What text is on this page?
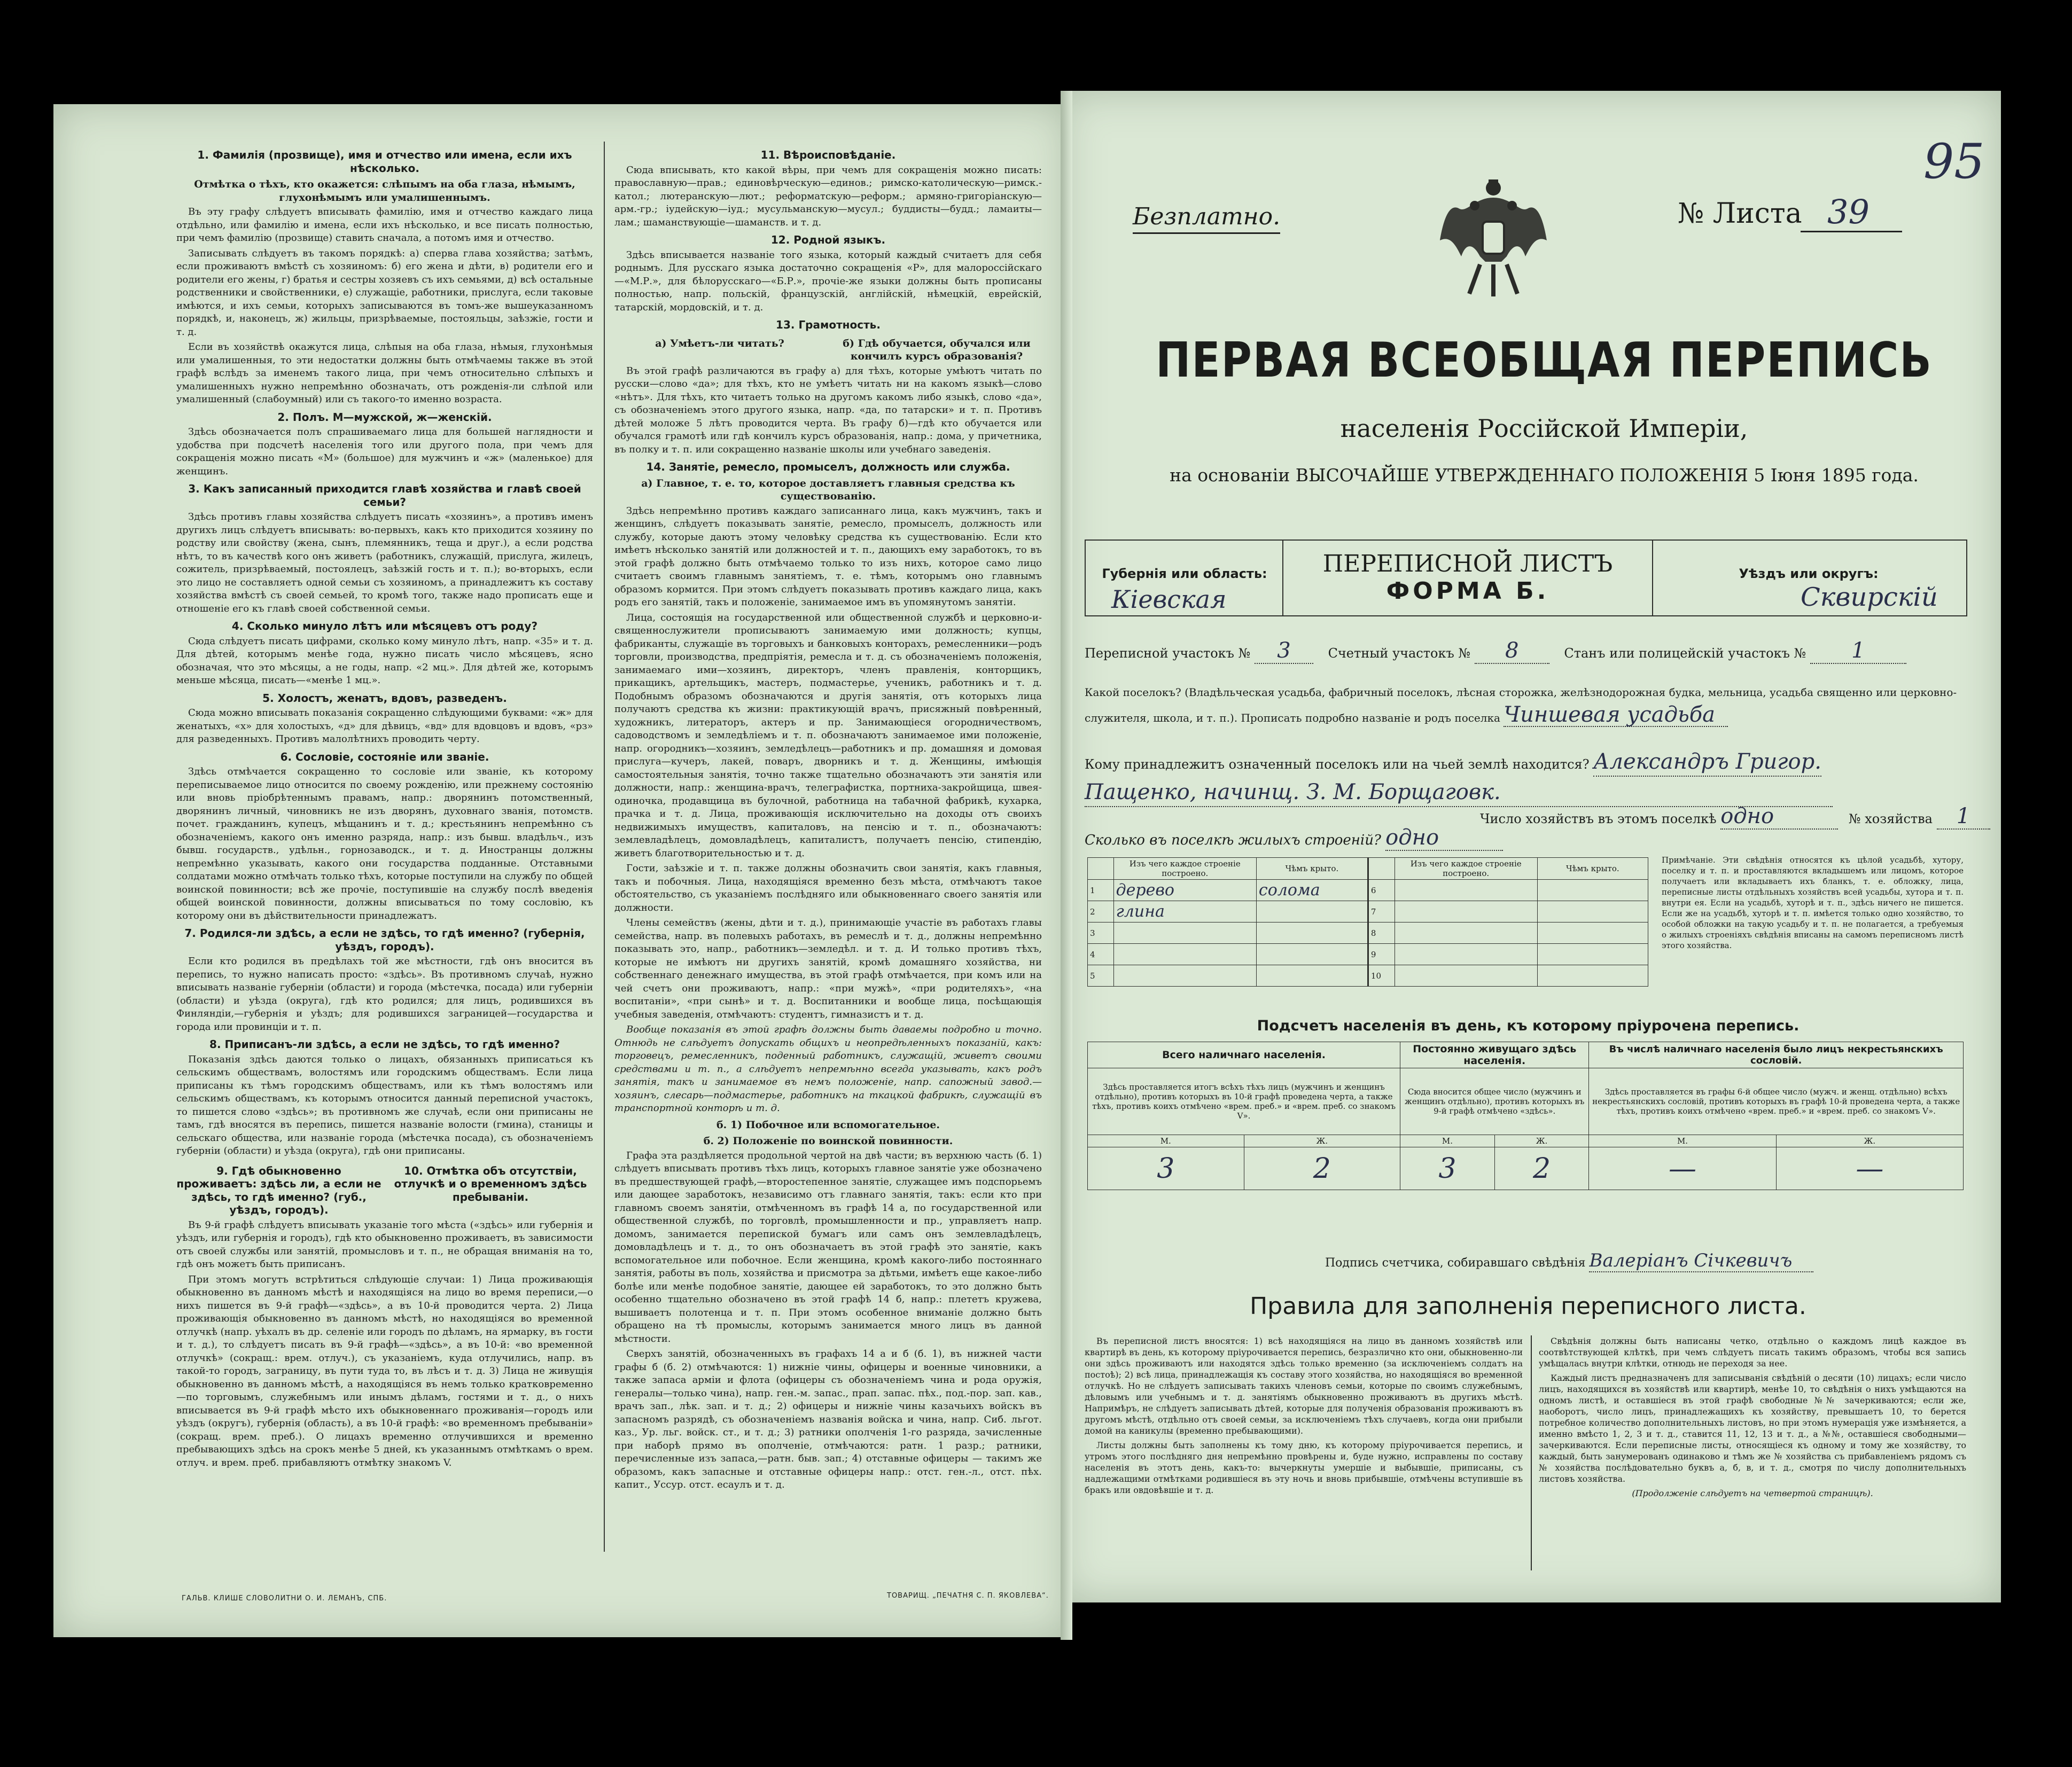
1. Фамилія (прозвище), имя и отчество или имена, если ихъ нѣсколько.
Отмѣтка о тѣхъ, кто окажется: слѣпымъ на оба глаза, нѣмымъ, глухонѣмымъ или умалишеннымъ.

Въ эту графу слѣдуетъ вписывать фамилію, имя и отчество каждаго лица отдѣльно, или фамилію и имена, если ихъ нѣсколько, и все писать полностью, при чемъ фамилію (прозвище) ставить сначала, а потомъ имя и отчество.

Записывать слѣдуетъ въ такомъ порядкѣ: а) сперва глава хозяйства; затѣмъ, если проживаютъ вмѣстѣ съ хозяиномъ: б) его жена и дѣти, в) родители его и родители его жены, г) братья и сестры хозяевъ съ ихъ семьями, д) всѣ остальные родственники и свойственники, е) служащіе, работники, прислуга, если таковые имѣются, и ихъ семьи, которыхъ записываются въ томъ-же вышеуказанномъ порядкѣ, и, наконецъ, ж) жильцы, призрѣваемые, постояльцы, заѣзжіе, гости и т. д.

Если въ хозяйствѣ окажутся лица, слѣпыя на оба глаза, нѣмыя, глухонѣмыя или умалишенныя, то эти недостатки должны быть отмѣчаемы также въ этой графѣ вслѣдъ за именемъ такого лица, при чемъ относительно слѣпыхъ и умалишенныхъ нужно непремѣнно обозначать, отъ рожденія-ли слѣпой или умалишенный (слабоумный) или съ такого-то именно возраста.

2. Полъ. М—мужской, ж—женскій.

Здѣсь обозначается полъ спрашиваемаго лица для большей наглядности и удобства при подсчетѣ населенія того или другого пола, при чемъ для сокращенія можно писать «М» (большое) для мужчинъ и «ж» (маленькое) для женщинъ.

3. Какъ записанный приходится главѣ хозяйства и главѣ своей семьи?

Здѣсь противъ главы хозяйства слѣдуетъ писать «хозяинъ», а противъ именъ другихъ лицъ слѣдуетъ вписывать: во-первыхъ, какъ кто приходится хозяину по родству или свойству (жена, сынъ, племянникъ, теща и друг.), а если родства нѣтъ, то въ качествѣ кого онъ живетъ (работникъ, служащій, прислуга, жилецъ, сожитель, призрѣваемый, постоялецъ, заѣзжій гость и т. п.); во-вторыхъ, если это лицо не составляетъ одной семьи съ хозяиномъ, а принадлежитъ къ составу хозяйства вмѣстѣ съ своей семьей, то кромѣ того, также надо прописать еще и отношеніе его къ главѣ своей собственной семьи.

4. Сколько минуло лѣтъ или мѣсяцевъ отъ роду?

Сюда слѣдуетъ писать цифрами, сколько кому минуло лѣтъ, напр. «35» и т. д. Для дѣтей, которымъ менѣе года, нужно писать число мѣсяцевъ, ясно обозначая, что это мѣсяцы, а не годы, напр. «2 мц.». Для дѣтей же, которымъ меньше мѣсяца, писать—«менѣе 1 мц.».

5. Холостъ, женатъ, вдовъ, разведенъ.

Сюда можно вписывать показанія сокращенно слѣдующими буквами: «ж» для женатыхъ, «х» для холостыхъ, «д» для дѣвицъ, «вд» для вдовцовъ и вдовъ, «рз» для разведенныхъ. Противъ малолѣтнихъ проводить черту.

6. Сословіе, состояніе или званіе.

Здѣсь отмѣчается сокращенно то сословіе или званіе, къ которому переписываемое лицо относится по своему рожденію, или прежнему состоянію или вновь пріобрѣтеннымъ правамъ, напр.: дворянинъ потомственный, дворянинъ личный, чиновникъ не изъ дворянъ, духовнаго званія, потомств. почет. гражданинъ, купецъ, мѣщанинъ и т. д.; крестьянинъ непремѣнно съ обозначеніемъ, какого онъ именно разряда, напр.: изъ бывш. владѣльч., изъ бывш. государств., удѣльн., горнозаводск., и т. д. Иностранцы должны непремѣнно указывать, какого они государства подданные. Отставными солдатами можно отмѣчать только тѣхъ, которые поступили на службу по общей воинской повинности; всѣ же прочіе, поступившіе на службу послѣ введенія общей воинской повинности, должны вписываться по тому сословію, къ которому они въ дѣйствительности принадлежатъ.

7. Родился-ли здѣсь, а если не здѣсь, то гдѣ именно? (губернія, уѣздъ, городъ).

Если кто родился въ предѣлахъ той же мѣстности, гдѣ онъ вносится въ перепись, то нужно написать просто: «здѣсь». Въ противномъ случаѣ, нужно вписывать названіе губерніи (области) и города (мѣстечка, посада) или губерніи (области) и уѣзда (округа), гдѣ кто родился; для лицъ, родившихся въ Финляндіи,—губернія и уѣздъ; для родившихся заграницей—государства и города или провинціи и т. п.

8. Приписанъ-ли здѣсь, а если не здѣсь, то гдѣ именно?

Показанія здѣсь даются только о лицахъ, обязанныхъ приписаться къ сельскимъ обществамъ, волостямъ или городскимъ обществамъ. Если лица приписаны къ тѣмъ городскимъ обществамъ, или къ тѣмъ волостямъ или сельскимъ обществамъ, къ которымъ относится данный переписной участокъ, то пишется слово «здѣсь»; въ противномъ же случаѣ, если они приписаны не тамъ, гдѣ вносятся въ перепись, пишется названіе волости (гмина), станицы и сельскаго общества, или названіе города (мѣстечка посада), съ обозначеніемъ губерніи (области) и уѣзда (округа), гдѣ они приписаны.

9. Гдѣ обыкновенно проживаетъ: здѣсь ли, а если не здѣсь, то гдѣ именно? (губ., уѣздъ, городъ).
10. Отмѣтка объ отсутствіи, отлучкѣ и о временномъ здѣсь пребываніи.

Въ 9-й графѣ слѣдуетъ вписывать указаніе того мѣста («здѣсь» или губернія и уѣздъ, или губернія и городъ), гдѣ кто обыкновенно проживаетъ, въ зависимости отъ своей службы или занятій, промысловъ и т. п., не обращая вниманія на то, гдѣ онъ можетъ быть приписанъ.

При этомъ могутъ встрѣтиться слѣдующіе случаи: 1) Лица проживающія обыкновенно въ данномъ мѣстѣ и находящіяся на лицо во время переписи,—о нихъ пишется въ 9-й графѣ—«здѣсь», а въ 10-й проводится черта. 2) Лица проживающія обыкновенно въ данномъ мѣстѣ, но находящіяся во временной отлучкѣ (напр. уѣхалъ въ др. селеніе или городъ по дѣламъ, на ярмарку, въ гости и т. д.), то слѣдуетъ писать въ 9-й графѣ—«здѣсь», а въ 10-й: «во временной отлучкѣ» (сокращ.: врем. отлуч.), съ указаніемъ, куда отлучились, напр. въ такой-то городъ, заграницу, въ пути туда то, въ лѣсъ и т. д. 3) Лица не живущія обыкновенно въ данномъ мѣстѣ, а находящіяся въ немъ только кратковременно—по торговымъ, служебнымъ или инымъ дѣламъ, гостями и т. д., о нихъ вписывается въ 9-й графѣ мѣсто ихъ обыкновеннаго проживанія—городъ или уѣздъ (округъ), губернія (область), а въ 10-й графѣ: «во временномъ пребываніи» (сокращ. врем. преб.). О лицахъ временно отлучившихся и временно пребывающихъ здѣсь на срокъ менѣе 5 дней, къ указаннымъ отмѣткамъ о врем. отлуч. и врем. преб. прибавляютъ отмѣтку знакомъ V.

11. Вѣроисповѣданіе.

Сюда вписывать, кто какой вѣры, при чемъ для сокращенія можно писать: православную—прав.; единовѣрческую—единов.; римско-католическую—римск.-катол.; лютеранскую—лют.; реформатскую—реформ.; армяно-григоріанскую—арм.-гр.; іудейскую—іуд.; мусульманскую—мусул.; буддисты—будд.; ламаиты—лам.; шаманствующіе—шаманств. и т. д.

12. Родной языкъ.

Здѣсь вписывается названіе того языка, который каждый считаетъ для себя роднымъ. Для русскаго языка достаточно сокращенія «Р», для малороссійскаго—«М.Р.», для бѣлорусскаго—«Б.Р.», прочіе-же языки должны быть прописаны полностью, напр. польскій, французскій, англійскій, нѣмецкій, еврейскій, татарскій, мордовскій, и т. д.

13. Грамотность.
а) Умѣетъ-ли читать?	б) Гдѣ обучается, обучался или кончилъ курсъ образованія?

Въ этой графѣ различаются въ графу а) для тѣхъ, которые умѣютъ читать по русски—слово «да»; для тѣхъ, кто не умѣетъ читать ни на какомъ языкѣ—слово «нѣтъ». Для тѣхъ, кто читаетъ только на другомъ какомъ либо языкѣ, слово «да», съ обозначеніемъ этого другого языка, напр. «да, по татарски» и т. п. Противъ дѣтей моложе 5 лѣтъ проводится черта. Въ графу б)—гдѣ кто обучается или обучался грамотѣ или гдѣ кончилъ курсъ образованія, напр.: дома, у причетника, въ полку и т. п. или сокращенно названіе школы или учебнаго заведенія.

14. Занятіе, ремесло, промыселъ, должность или служба.
а) Главное, т. е. то, которое доставляетъ главныя средства къ существованію.

Здѣсь непремѣнно противъ каждаго записаннаго лица, какъ мужчинъ, такъ и женщинъ, слѣдуетъ показывать занятіе, ремесло, промыселъ, должность или службу, которые даютъ этому человѣку средства къ существованію. Если кто имѣетъ нѣсколько занятій или должностей и т. п., дающихъ ему заработокъ, то въ этой графѣ должно быть отмѣчаемо только то изъ нихъ, которое само лицо считаетъ своимъ главнымъ занятіемъ, т. е. тѣмъ, которымъ оно главнымъ образомъ кормится. При этомъ слѣдуетъ показывать противъ каждаго лица, какъ родъ его занятій, такъ и положеніе, занимаемое имъ въ упомянутомъ занятіи.

Лица, состоящія на государственной или общественной службѣ и церковно-и-священнослужители прописываютъ занимаемую ими должность; купцы, фабриканты, служащіе въ торговыхъ и банковыхъ конторахъ, ремесленники—родъ торговли, производства, предпріятія, ремесла и т. д. съ обозначеніемъ положенія, занимаемаго ими—хозяинъ, директоръ, членъ правленія, конторщикъ, прикащикъ, артельщикъ, мастеръ, подмастерье, ученикъ, работникъ и т. д. Подобнымъ образомъ обозначаются и другія занятія, отъ которыхъ лица получаютъ средства къ жизни: практикующій врачъ, присяжный повѣренный, художникъ, литераторъ, актеръ и пр. Занимающіеся огородничествомъ, садоводствомъ и земледѣліемъ и т. п. обозначаютъ занимаемое ими положеніе, напр. огородникъ—хозяинъ, земледѣлецъ—работникъ и пр. домашняя и домовая прислуга—кучеръ, лакей, поваръ, дворникъ и т. д. Женщины, имѣющія самостоятельныя занятія, точно также тщательно обозначаютъ эти занятія или должности, напр.: женщина-врачъ, телеграфистка, портниха-закройщица, швея-одиночка, продавщица въ булочной, работница на табачной фабрикѣ, кухарка, прачка и т. д. Лица, проживающія исключительно на доходы отъ своихъ недвижимыхъ имуществъ, капиталовъ, на пенсію и т. п., обозначаютъ: землевладѣлецъ, домовладѣлецъ, капиталистъ, получаетъ пенсію, стипендію, живетъ благотворительностью и т. д.

Гости, заѣзжіе и т. п. также должны обозначить свои занятія, какъ главныя, такъ и побочныя. Лица, находящіяся временно безъ мѣста, отмѣчаютъ такое обстоятельство, съ указаніемъ послѣдняго или обыкновеннаго своего занятія или должности.

Члены семействъ (жены, дѣти и т. д.), принимающіе участіе въ работахъ главы семейства, напр. въ полевыхъ работахъ, въ ремеслѣ и т. д., должны непремѣнно показывать это, напр., работникъ—земледѣл. и т. д. И только противъ тѣхъ, которые не имѣютъ ни другихъ занятій, кромѣ домашняго хозяйства, ни собственнаго денежнаго имущества, въ этой графѣ отмѣчается, при комъ или на чей счетъ они проживаютъ, напр.: «при мужѣ», «при родителяхъ», «на воспитаніи», «при сынѣ» и т. д. Воспитанники и вообще лица, посѣщающія учебныя заведенія, отмѣчаютъ: студентъ, гимназистъ и т. д.

Вообще показанія въ этой графѣ должны быть даваемы подробно и точно. Отнюдь не слѣдуетъ допускать общихъ и неопредѣленныхъ показаній, какъ: торговецъ, ремесленникъ, поденный работникъ, служащій, живетъ своими средствами и т. п., а слѣдуетъ непремѣнно всегда указывать, какъ родъ занятія, такъ и занимаемое въ немъ положеніе, напр. сапожный завод.—хозяинъ, слесарь—подмастерье, работникъ на ткацкой фабрикѣ, служащій въ транспортной конторѣ и т. д.

б. 1) Побочное или вспомогательное.
б. 2) Положеніе по воинской повинности.

Графа эта раздѣляется продольной чертой на двѣ части; въ верхнюю часть (б. 1) слѣдуетъ вписывать противъ тѣхъ лицъ, которыхъ главное занятіе уже обозначено въ предшествующей графѣ,—второстепенное занятіе, служащее имъ подспорьемъ или дающее заработокъ, независимо отъ главнаго занятія, такъ: если кто при главномъ своемъ занятіи, отмѣченномъ въ графѣ 14 а, по государственной или общественной службѣ, по торговлѣ, промышленности и пр., управляетъ напр. домомъ, занимается перепиской бумагъ или самъ онъ землевладѣлецъ, домовладѣлецъ и т. д., то онъ обозначаетъ въ этой графѣ это занятіе, какъ вспомогательное или побочное. Если женщина, кромѣ какого-либо постояннаго занятія, работы въ поль, хозяйства и присмотра за дѣтьми, имѣетъ еще какое-либо болѣе или менѣе подобное занятіе, дающее ей заработокъ, то это должно быть особенно тщательно обозначено въ этой графѣ 14 б, напр.: плететъ кружева, вышиваетъ полотенца и т. п. При этомъ особенное вниманіе должно быть обращено на тѣ промыслы, которымъ занимается много лицъ въ данной мѣстности.

Сверхъ занятій, обозначенныхъ въ графахъ 14 а и б (б. 1), въ нижней части графы б (б. 2) отмѣчаются: 1) нижніе чины, офицеры и военные чиновники, а также запаса арміи и флота (офицеры съ обозначеніемъ чина и рода оружія, генералы—только чина), напр. ген.-м. запас., прап. запас. пѣх., под.-пор. зап. кав., врачъ зап., лѣк. зап. и т. д.; 2) офицеры и нижніе чины казачьихъ войскъ въ запасномъ разрядѣ, съ обозначеніемъ названія войска и чина, напр. Сиб. льгот. каз., Ур. льг. войск. ст., и т. д.; 3) ратники ополченія 1-го разряда, зачисленные при наборѣ прямо въ ополченіе, отмѣчаются: ратн. 1 разр.; ратники, перечисленные изъ запаса,—ратн. быв. зап.; 4) отставные офицеры — такимъ же образомъ, какъ запасные и отставные офицеры напр.: отст. ген.-л., отст. пѣх. капит., Уссур. отст. есаулъ и т. д.

ГАЛЬВ. КЛИШЕ СЛОВОЛИТНИ О. И. ЛЕМАНЪ, СПБ.	ТОВАРИЩ. „ПЕЧАТНЯ С. П. ЯКОВЛЕВА“.
95
Безплатно.	№ Листа 39
ПЕРВАЯ ВСЕОБЩАЯ ПЕРЕПИСЬ
населенія Россійской Имперіи,
на основаніи ВЫСОЧАЙШЕ УТВЕРЖДЕННАГО ПОЛОЖЕНІЯ 5 Іюня 1895 года.
Губернія или область:
Кіевская
ПЕРЕПИСНОЙ ЛИСТЪ
ФОРМА Б.
Уѣздъ или округъ:
Сквирскій
Переписной участокъ № 3	Счетный участокъ № 8	Станъ или полицейскій участокъ № 1
Какой поселокъ? (Владѣльческая усадьба, фабричный поселокъ, лѣсная сторожка, желѣзнодорожная будка, мельница, усадьба священно или церковно-служителя, школа, и т. п.). Прописать подробно названіе и родъ поселка Чиншевая усадьба
Кому принадлежитъ означенный поселокъ или на чьей землѣ находится? Александръ Григор.
Пащенко, начинщ. З. М. Борщаговк.
Число хозяйствъ въ этомъ поселкѣ одно	№ хозяйства 1
Сколько въ поселкѣ жилыхъ строеній? одно
	Изъ чего каждое строеніе построено.	Чѣмъ крыто.		Изъ чего каждое строеніе построено.	Чѣмъ крыто.
1	дерево	солома	6		
2	глина		7		
3			8		
4			9		
5			10		
Примѣчаніе. Эти свѣдѣнія относятся къ цѣлой усадьбѣ, хутору, поселку и т. п. и проставляются вкладышемъ или лицомъ, которое получаетъ или вкладываетъ ихъ бланкъ, т. е. обложку, лица, переписные листы отдѣльныхъ хозяйствъ всей усадьбы, хутора и т. п. внутри ея. Если на усадьбѣ, хуторѣ и т. п., здѣсь ничего не пишется. Если же на усадьбѣ, хуторѣ и т. п. имѣется только одно хозяйство, то особой обложки на такую усадьбу и т. п. не полагается, а требуемыя о жилыхъ строеніяхъ свѣдѣнія вписаны на самомъ переписномъ листѣ этого хозяйства.
Подсчетъ населенія въ день, къ которому пріурочена перепись.
Всего наличнаго населенія.		Постоянно живущаго здѣсь населенія.		Въ числѣ наличнаго населенія было лицъ некрестьянскихъ сословій.	
Здѣсь проставляется итогъ всѣхъ тѣхъ лицъ (мужчинъ и женщинъ отдѣльно), противъ которыхъ въ 10-й графѣ проведена черта, а также тѣхъ, противъ коихъ отмѣчено «врем. преб.» и «врем. преб. со знакомъ V».		Сюда вносится общее число (мужчинъ и женщинъ отдѣльно), противъ которыхъ въ 9-й графѣ отмѣчено «здѣсь».		Здѣсь проставляется въ графы 6-й общее число (мужч. и женщ. отдѣльно) всѣхъ некрестьянскихъ сословій, противъ которыхъ въ графѣ 10-й проведена черта, а также тѣхъ, противъ коихъ отмѣчено «врем. преб.» и «врем. преб. со знакомъ V».	
М.	Ж.	М.	Ж.	М.	Ж.
3	2	3	2	—	—
Подпись счетчика, собиравшаго свѣдѣнія Валеріанъ Січкевичъ
Правила для заполненія переписного листа.

Въ переписной листъ вносятся: 1) всѣ находящіяся на лицо въ данномъ хозяйствѣ или квартирѣ въ день, къ которому пріурочивается перепись, безразлично кто они, обыкновенно-ли они здѣсь проживаютъ или находятся здѣсь только временно (за исключеніемъ солдатъ на постоѣ); 2) всѣ лица, принадлежащія къ составу этого хозяйства, но находящіяся во временной отлучкѣ. Но не слѣдуетъ записывать такихъ членовъ семьи, которые по своимъ служебнымъ, дѣловымъ или учебнымъ и т. д. занятіямъ обыкновенно проживаютъ въ другихъ мѣстѣ. Напримѣръ, не слѣдуетъ записывать дѣтей, которые для полученія образованія проживаютъ въ другомъ мѣстѣ, отдѣльно отъ своей семьи, за исключеніемъ тѣхъ случаевъ, когда они прибыли домой на каникулы (временно пребывающими).

Листы должны быть заполнены къ тому дню, къ которому пріурочивается перепись, и утромъ этого послѣдняго дня непремѣнно провѣрены и, буде нужно, исправлены по составу населенія въ этотъ день, какъ-то: вычеркнуты умершіе и выбывшіе, приписаны, съ надлежащими отмѣтками родившіеся въ эту ночь и вновь прибывшіе, отмѣчены вступившіе въ бракъ или овдовѣвшіе и т. д.

Свѣдѣнія должны быть написаны четко, отдѣльно о каждомъ лицѣ каждое въ соотвѣтствующей клѣткѣ, при чемъ слѣдуетъ писать такимъ образомъ, чтобы вся запись умѣщалась внутри клѣтки, отнюдь не переходя за нее.

Каждый листъ предназначенъ для записыванія свѣдѣній о десяти (10) лицахъ; если число лицъ, находящихся въ хозяйствѣ или квартирѣ, менѣе 10, то свѣдѣнія о нихъ умѣщаются на одномъ листѣ, и оставшіеся въ этой графѣ свободные №№ зачеркиваются; если же, наоборотъ, число лицъ, принадлежащихъ къ хозяйству, превышаетъ 10, то берется потребное количество дополнительныхъ листовъ, но при этомъ нумерація уже измѣняется, а именно вмѣсто 1, 2, 3 и т. д., ставится 11, 12, 13 и т. д., а №№, оставшіеся свободными—зачеркиваются. Если переписные листы, относящіеся къ одному и тому же хозяйству, то каждый, быть занумерованъ одинаково и тѣмъ же № хозяйства съ прибавленіемъ рядомъ съ № хозяйства послѣдовательно буквъ а, б, в, и т. д., смотря по числу дополнительныхъ листовъ хозяйства.

(Продолженіе слѣдуетъ на четвертой страницѣ).
